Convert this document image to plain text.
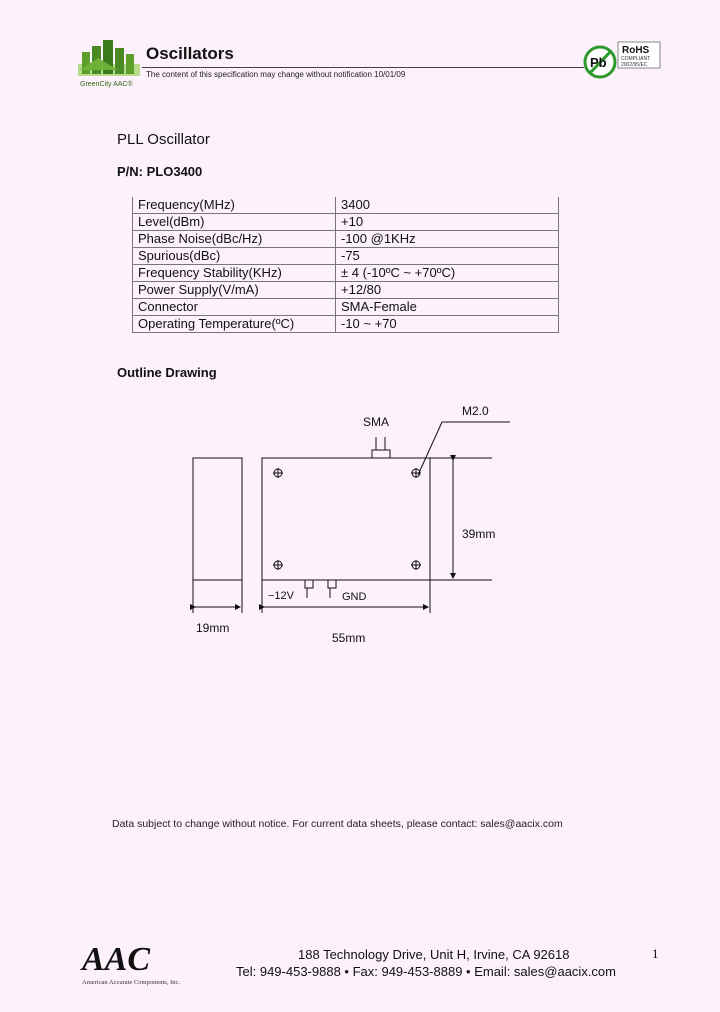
GreenCity AAC®
Oscillators
The content of this specification may change without notification 10/01/09
Pb
RoHS
COMPLIANT
2002/95/EC
PLL Oscillator
P/N: PLO3400
Frequency(MHz)	3400
Level(dBm)	+10
Phase Noise(dBc/Hz)	-100 @1KHz
Spurious(dBc)	-75
Frequency Stability(KHz)	± 4 (-10ºC ~ +70ºC)
Power Supply(V/mA)	+12/80
Connector	SMA-Female
Operating Temperature(ºC)	-10 ~ +70
Outline Drawing
SMA
M2.0
39mm
−12V	GND
19mm
55mm
Data subject to change without notice. For current data sheets, please contact: sales@aacix.com
AAC
American Accurate Components, Inc.
188 Technology Drive, Unit H, Irvine, CA 92618
Tel: 949-453-9888 • Fax: 949-453-8889 • Email: sales@aacix.com
1
